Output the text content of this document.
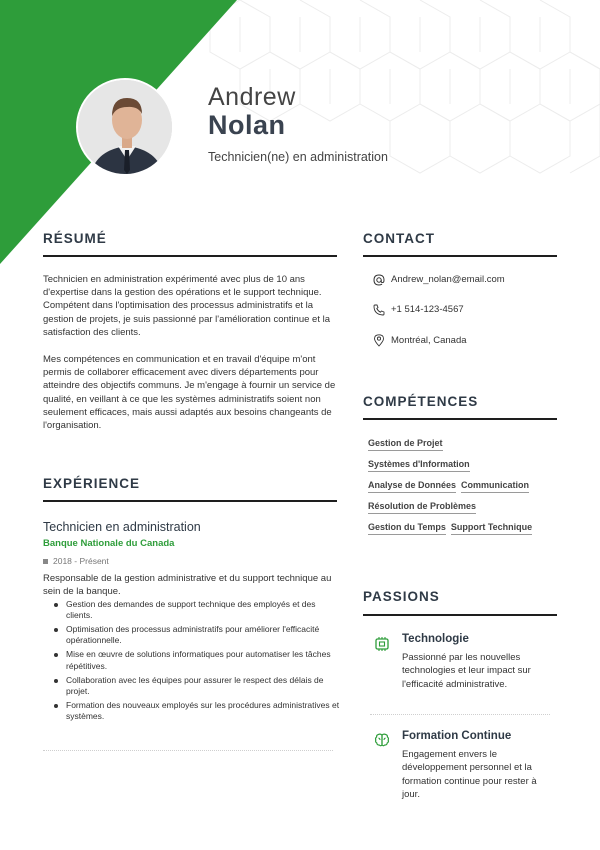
Andrew
Nolan
Technicien(ne) en administration
RÉSUMÉ
Technicien en administration expérimenté avec plus de 10 ans d'expertise dans la gestion des opérations et le support technique. Compétent dans l'optimisation des processus administratifs et la gestion de projets, je suis passionné par l'amélioration continue et la satisfaction des clients.
Mes compétences en communication et en travail d'équipe m'ont permis de collaborer efficacement avec divers départements pour atteindre des objectifs communs. Je m'engage à fournir un service de qualité, en veillant à ce que les systèmes administratifs soient non seulement efficaces, mais aussi adaptés aux besoins changeants de l'organisation.
EXPÉRIENCE
Technicien en administration
Banque Nationale du Canada
2018 - Présent
Responsable de la gestion administrative et du support technique au sein de la banque.
Gestion des demandes de support technique des employés et des clients.
Optimisation des processus administratifs pour améliorer l'efficacité opérationnelle.
Mise en œuvre de solutions informatiques pour automatiser les tâches répétitives.
Collaboration avec les équipes pour assurer le respect des délais de projet.
Formation des nouveaux employés sur les procédures administratives et systèmes.
CONTACT
Andrew_nolan@email.com
+1 514-123-4567
Montréal, Canada
COMPÉTENCES
Gestion de Projet
Systèmes d'Information
Analyse de Données Communication
Résolution de Problèmes
Gestion du Temps Support Technique
PASSIONS
Technologie
Passionné par les nouvelles technologies et leur impact sur l'efficacité administrative.
Formation Continue
Engagement envers le développement personnel et la formation continue pour rester à jour.
